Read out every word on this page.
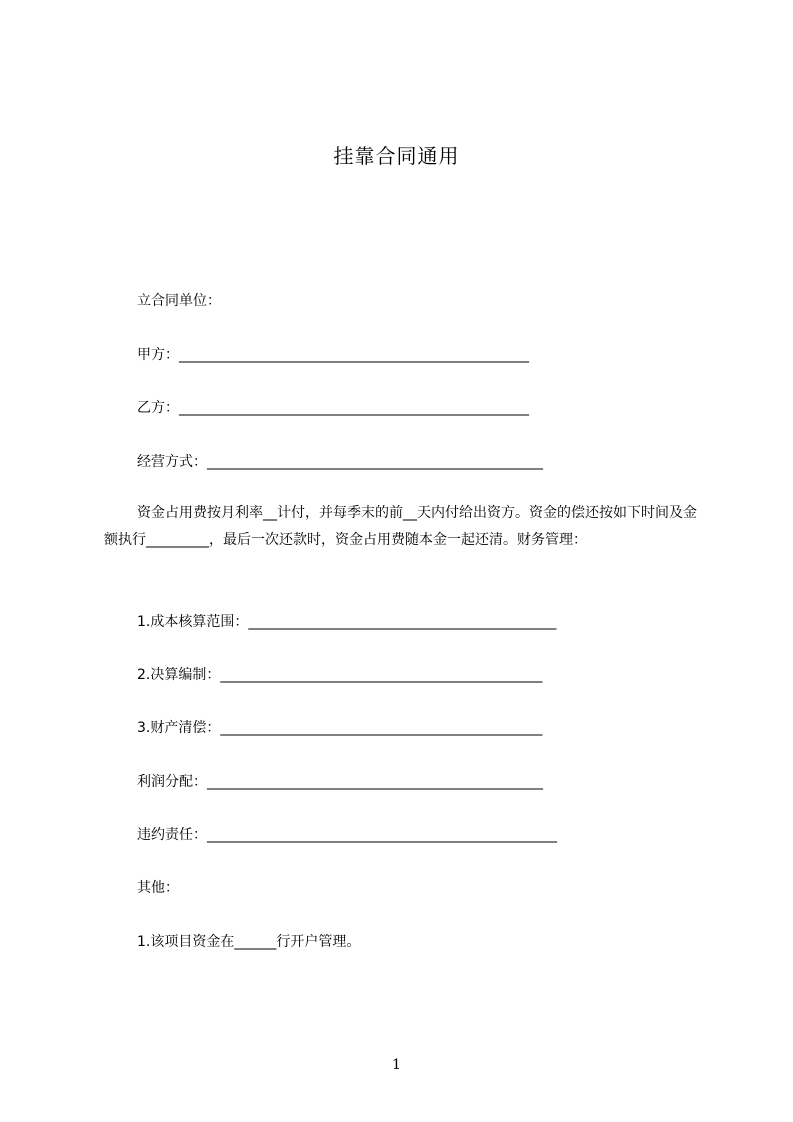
挂靠合同通用
立合同单位：
甲方：__________________________________________________
乙方：__________________________________________________
经营方式：________________________________________________
资金占用费按月利率__计付，并每季末的前__天内付给出资方。资金的偿还按如下时间及金额执行_________，最后一次还款时，资金占用费随本金一起还清。财务管理：
1.成本核算范围：____________________________________________
2.决算编制：______________________________________________
3.财产清偿：______________________________________________
利润分配：________________________________________________
违约责任：__________________________________________________
其他：
1.该项目资金在______行开户管理。
1
